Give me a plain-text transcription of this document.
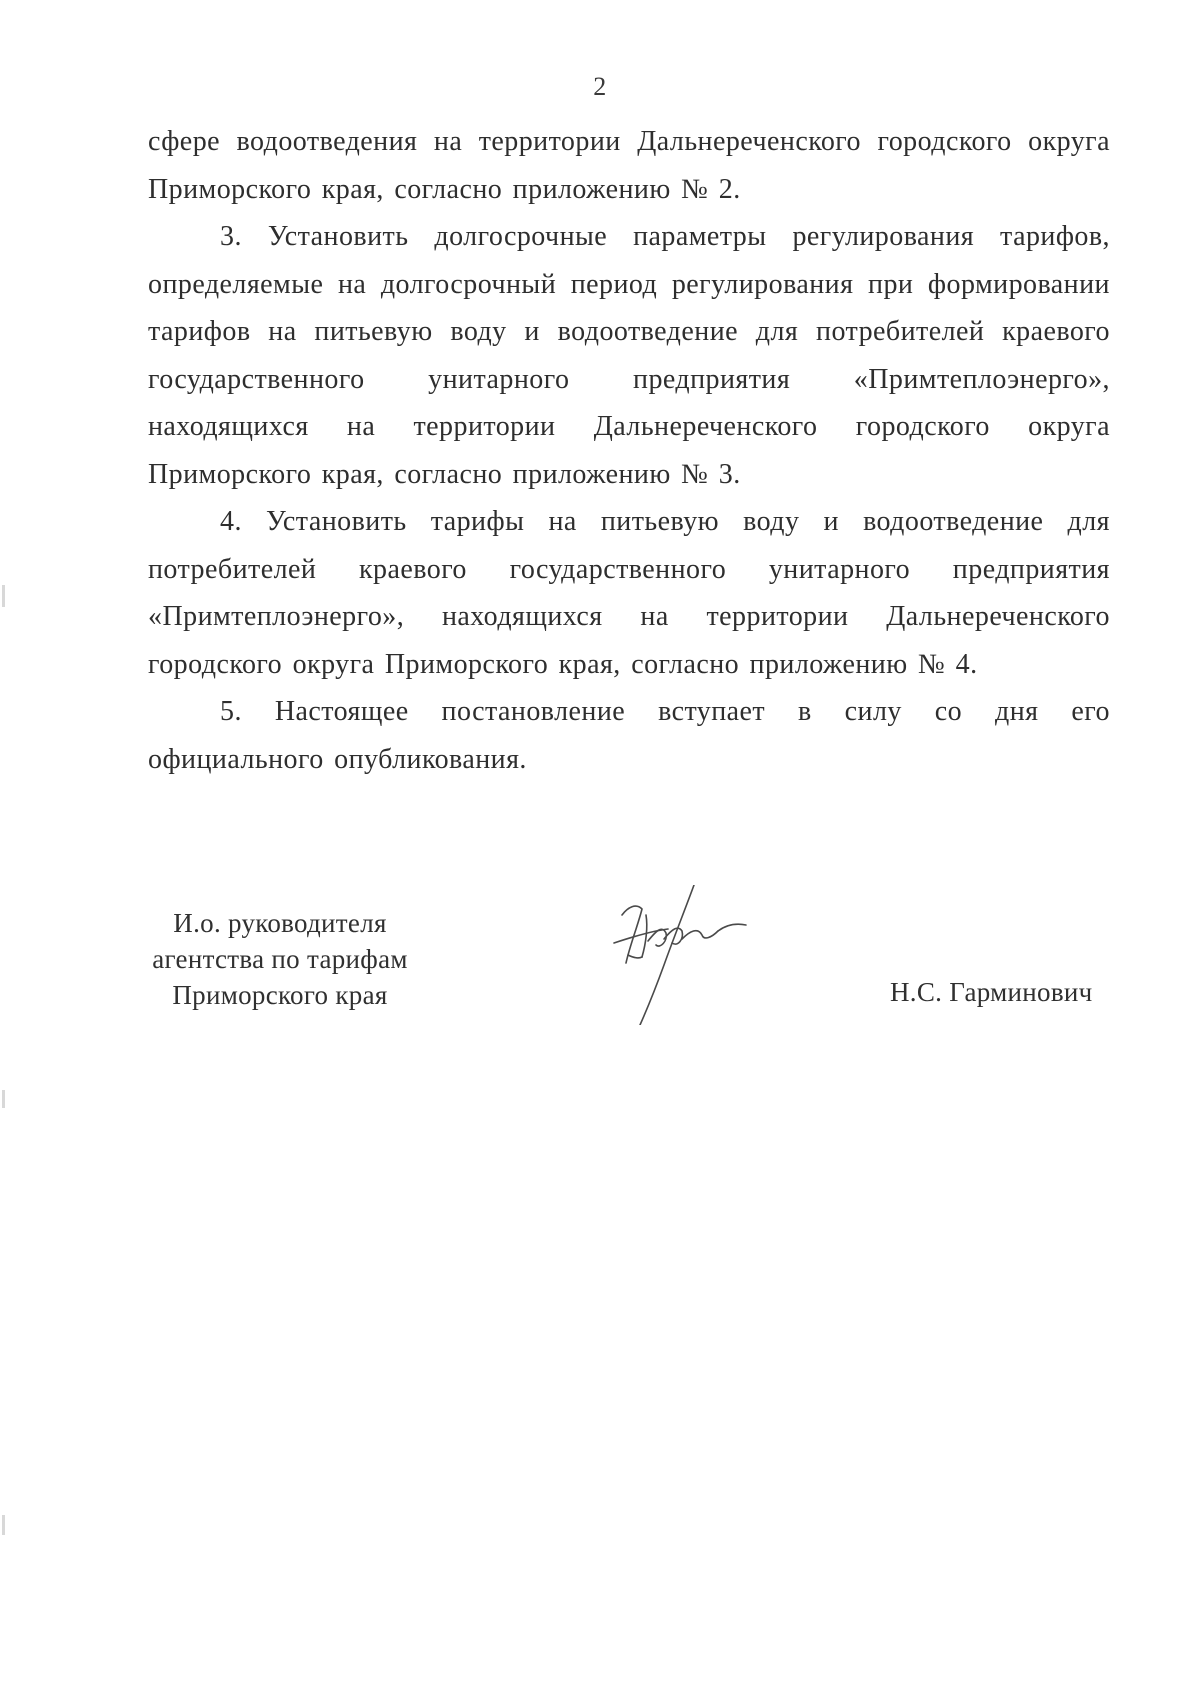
2

сфере водоотведения на территории Дальнереченского городского округа Приморского края, согласно приложению № 2.

3. Установить долгосрочные параметры регулирования тарифов, определяемые на долгосрочный период регулирования при формировании тарифов на питьевую воду и водоотведение для потребителей краевого государственного унитарного предприятия «Примтеплоэнерго», находящихся на территории Дальнереченского городского округа Приморского края, согласно приложению № 3.

4. Установить тарифы на питьевую воду и водоотведение для потребителей краевого государственного унитарного предприятия «Примтеплоэнерго», находящихся на территории Дальнереченского городского округа Приморского края, согласно приложению № 4.

5. Настоящее постановление вступает в силу со дня его официального опубликования.

И.о. руководителя
агентства по тарифам
Приморского края	Н.С. Гарминович
